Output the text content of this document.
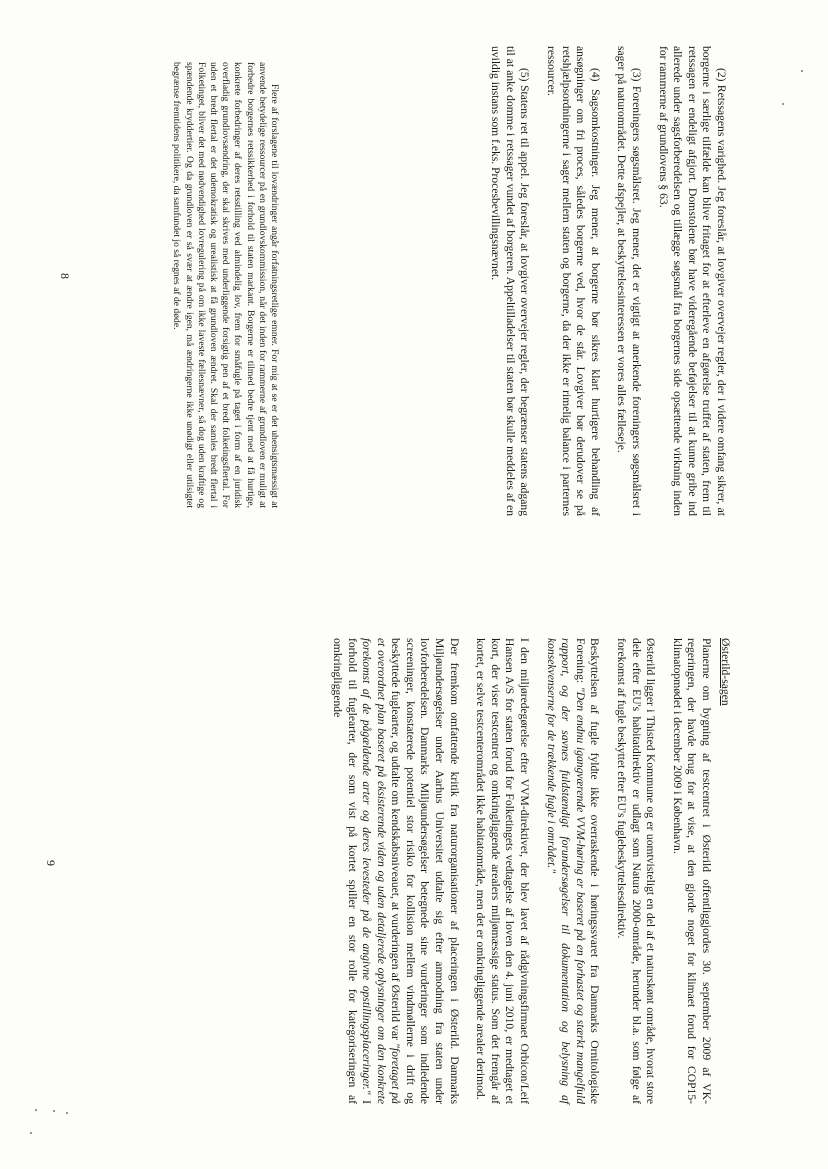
(2) Retssagens varighed. Jeg foreslår, at lovgiver overvejer regler, der i videre omfang sikrer, at borgerne i særlige tilfælde kan blive fritaget for at efterleve en afgørelse truffet af staten, frem til retssagen er endeligt afgjort. Domstolene bør have videregående beføjelser til at kunne gribe ind allerede under sagsforberedelsen og tillægge søgsmål fra borgernes side opsættende virkning inden for rammerne af grundlovens § 63.

(3) Foreningers søgsmålsret. Jeg mener, det er vigtigt at anerkende foreningers søgsmålsret i sager på naturområdet. Dette afspejler, at beskyttelsesinteressen er vores alles fælleseje.

(4) Sagsomkostninger. Jeg mener, at borgerne bør sikres klart hurtigere behandling af ansøgninger om fri proces, således borgerne ved, hvor de står. Lovgiver bør derudover se på retshjælpsordningerne i sager mellem staten og borgerne, da der ikke er rimelig balance i parternes ressourcer.

(5) Statens ret til appel. Jeg foreslår, at lovgiver overvejer regler, der begrænser statens adgang til at anke domme i retssager vundet af borgeren. Appeltilladelser til staten bør skulle meddeles af en uvildig instans som f.eks. Procesbevillingsnævnet.

Flere af forslagene til lovændringer angår forfatningsretlige emner. For mig at se er det uhensigtsmæssigt at anvende betydelige ressourcer på en grundlovskommission, når det inden for rammerne af grundloven er muligt at forbedre borgernes retssikkerhed i forhold til staten markant. Borgerne er tilmed bedre tjent med at få hurtige, konkrete forbedringer af deres retsstilling ved almindelig lov, frem for småfugle på taget i form af en juridisk overfladig grundlovsændring, der skal skrives med underliggende forsigtig pen af et bredt folketingsflertal. For uden et bredt flertal er det udemokratisk og urealistisk at få grundloven ændret. Skal der samles bredt flertal i Folketinget, bliver det med nødvendighed lovregulering på om ikke laveste fællesnævner, så dog uden kraftige og spændende kryddertier. Og da grundloven er så svær at ændre igen, må ændringerne ikke unødigt eller utilsigtet begrænse fremtidens politikere, da samfundet jo så regnes af de døde.

8

Østerild-sagen

Planerne om bygning af testcentret i Østerild offentliggjordes 30. september 2009 af VK-regeringen, der havde brug for at vise, at den gjorde noget for klimaet forud for COP15-klimatopmødet i december 2009 i København.

Østerild ligger i Thisted Kommune og er uomtvisteligt en del af et naturskønt område, hvorat store dele efter EU's habitatdirektiv er udlagt som Natura 2000-område, herunder bl.a. som følge af forekomst af fugle beskyttet efter EU's fuglebeskyttelsesdirektiv.

Beskyttelsen af fugle fyldte ikke overraskende i høringssvaret fra Danmarks Ornitologiske Forening: "Den endnu igangværende VVM-høring er baseret på en forhastet og stærkt mangelfuld rapport, og der savnes fuldstændigt forundersøgelser til dokumentation og belysning af konsekvenserne for de trækkende fugle i området."

I den miljøredegørelse efter VVM-direktivet, der blev lavet af rådgivningsfirmaet Orbicon/Leif Hansen A/S for staten forud for Folketingets vedtagelse af loven den 4. juni 2010, er medtaget et kort, der viser testcentret og omkringliggende arealers miljømæssige status. Som det fremgår af kortet, er selve testcenterområdet ikke habitatområde, men det er omkringliggende arealer derimod.

Der fremkom omfattende kritik fra naturorganisationer af placeringen i Østerild. Danmarks Miljøundersøgelser under Aarhus Universitet udtalte sig efter anmodning fra staten under lovforberedelsen. Danmarks Miljøundersøgelser betegnede sine vurderinger som indledende screeninger, konstaterede potentiel stor risiko for kollision mellem vindmøllerne i drift og beskyttede fuglearter, og udtalte om kendskabsniveauet, at vurderingen af Østerild var "foretaget på et overordnet plan baseret på eksisterende viden og uden detaljerede oplysninger om den konkrete forekomst af de pågældende arter og deres levesteder på de angivne opstillingsplaceringer." I forhold til fuglearter, der som vist på kortet spiller en stor rolle for kategoriseringen af omkringliggende

9
